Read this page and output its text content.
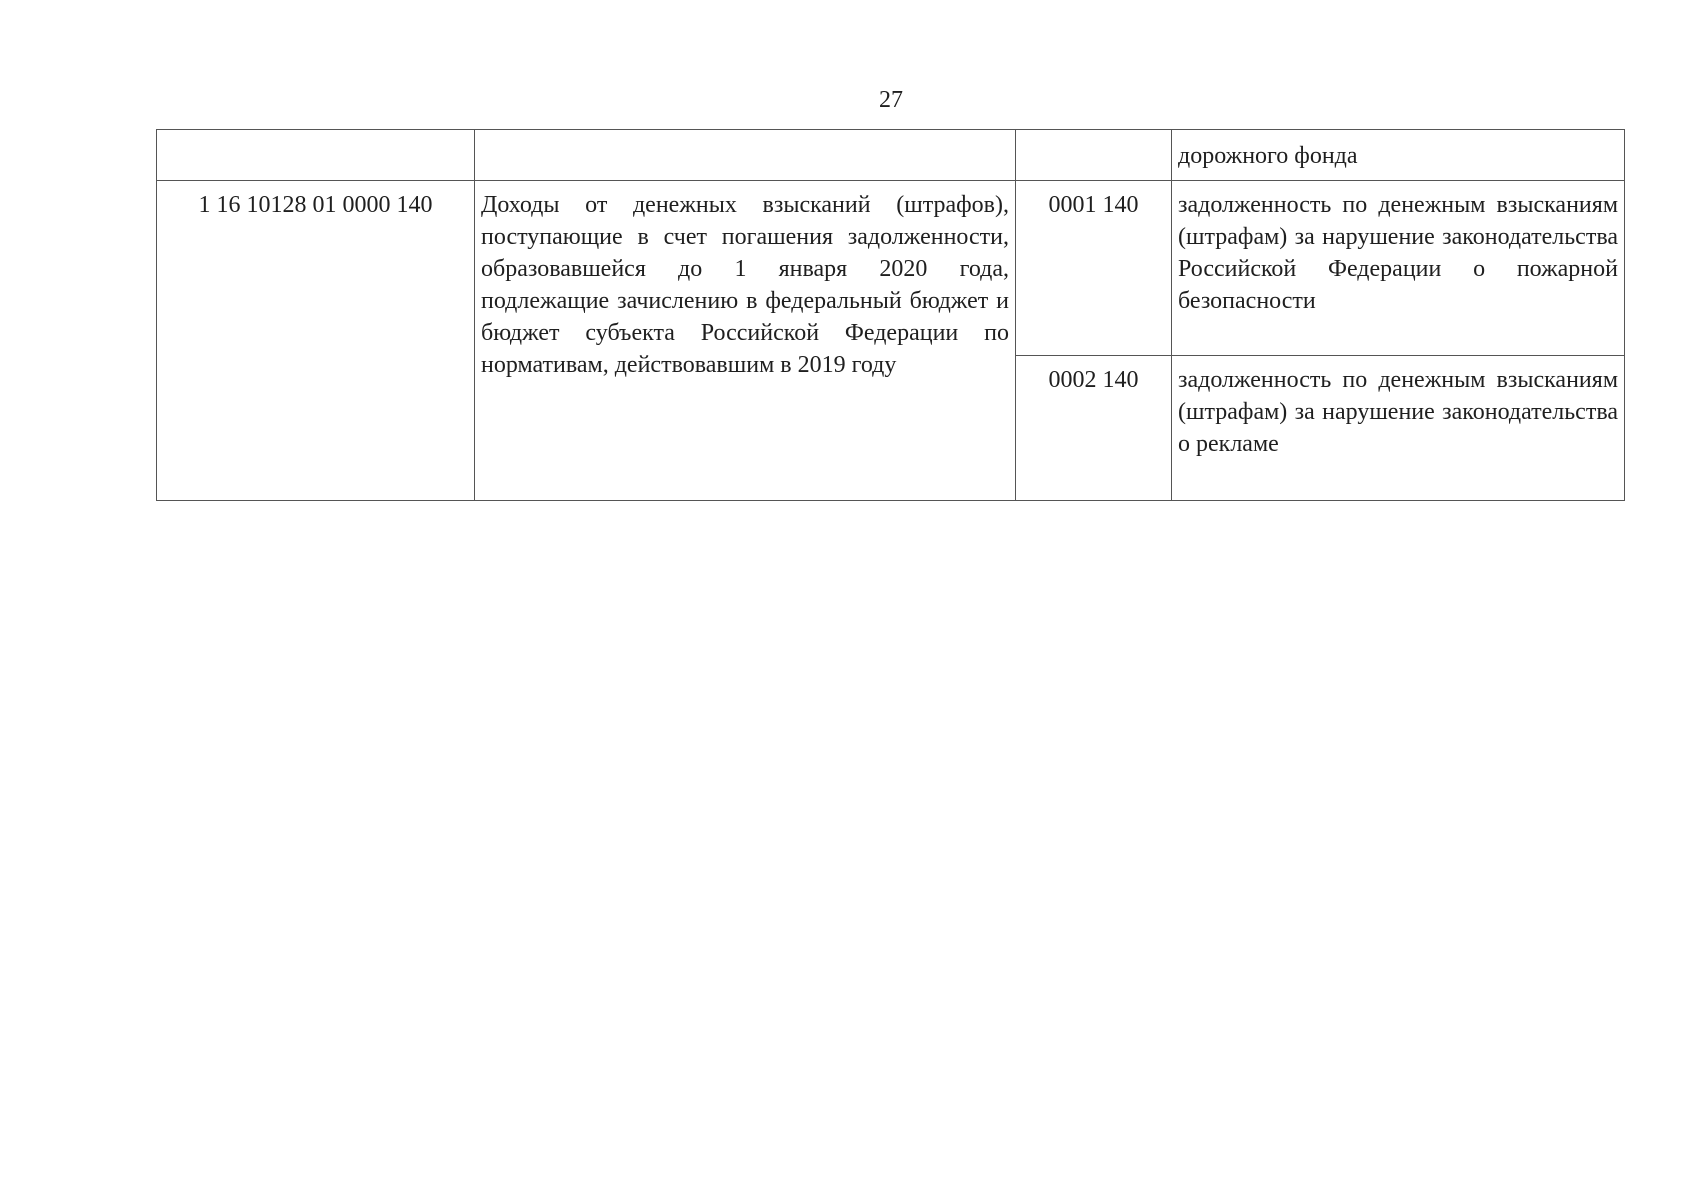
27
			дорожного фонда
1 16 10128 01 0000 140	Доходы от денежных взысканий (штрафов), поступающие в счет погашения задолженности, образовавшейся до 1 января 2020 года, подлежащие зачислению в федеральный бюджет и бюджет субъекта Российской Федерации по нормативам, действовавшим в 2019 году	0001 140	задолженность по денежным взысканиям (штрафам) за нарушение законодательства Российской Федерации о пожарной безопасности
		0002 140	задолженность по денежным взысканиям (штрафам) за нарушение законодательства о рекламе
